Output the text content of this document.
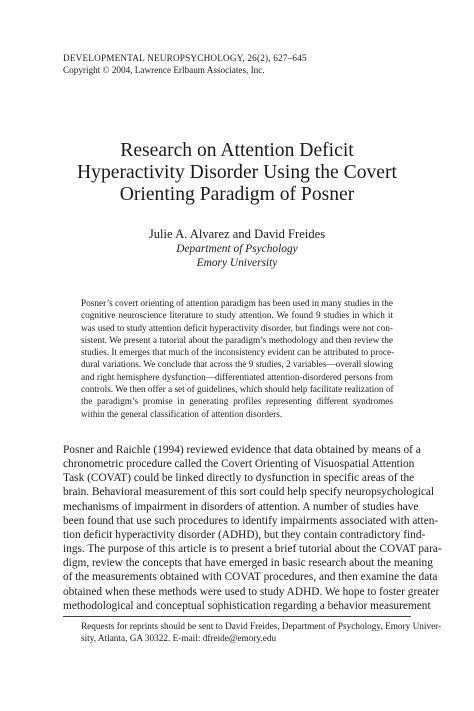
DEVELOPMENTAL NEUROPSYCHOLOGY, 26(2), 627–645
Copyright © 2004, Lawrence Erlbaum Associates, Inc.
Research on Attention Deficit
Hyperactivity Disorder Using the Covert
Orienting Paradigm of Posner
Julie A. Alvarez and David Freides
Department of Psychology
Emory University
Posner’s covert orienting of attention paradigm has been used in many studies in the
cognitive neuroscience literature to study attention. We found 9 studies in which it
was used to study attention deficit hyperactivity disorder, but findings were not con-
sistent. We present a tutorial about the paradigm’s methodology and then review the
studies. It emerges that much of the inconsistency evident can be attributed to proce-
dural variations. We conclude that across the 9 studies, 2 variables—overall slowing
and right hemisphere dysfunction—differentiated attention-disordered persons from
controls. We then offer a set of guidelines, which should help facilitate realization of
the paradigm’s promise in generating profiles representing different syndromes
within the general classification of attention disorders.
Posner and Raichle (1994) reviewed evidence that data obtained by means of a
chronometric procedure called the Covert Orienting of Visuospatial Attention
Task (COVAT) could be linked directly to dysfunction in specific areas of the
brain. Behavioral measurement of this sort could help specify neuropsychological
mechanisms of impairment in disorders of attention. A number of studies have
been found that use such procedures to identify impairments associated with atten-
tion deficit hyperactivity disorder (ADHD), but they contain contradictory find-
ings. The purpose of this article is to present a brief tutorial about the COVAT para-
digm, review the concepts that have emerged in basic research about the meaning
of the measurements obtained with COVAT procedures, and then examine the data
obtained when these methods were used to study ADHD. We hope to foster greater
methodological and conceptual sophistication regarding a behavior measurement
Requests for reprints should be sent to David Freides, Department of Psychology, Emory Univer-
sity, Atlanta, GA 30322. E-mail: dfreide@emory.edu
